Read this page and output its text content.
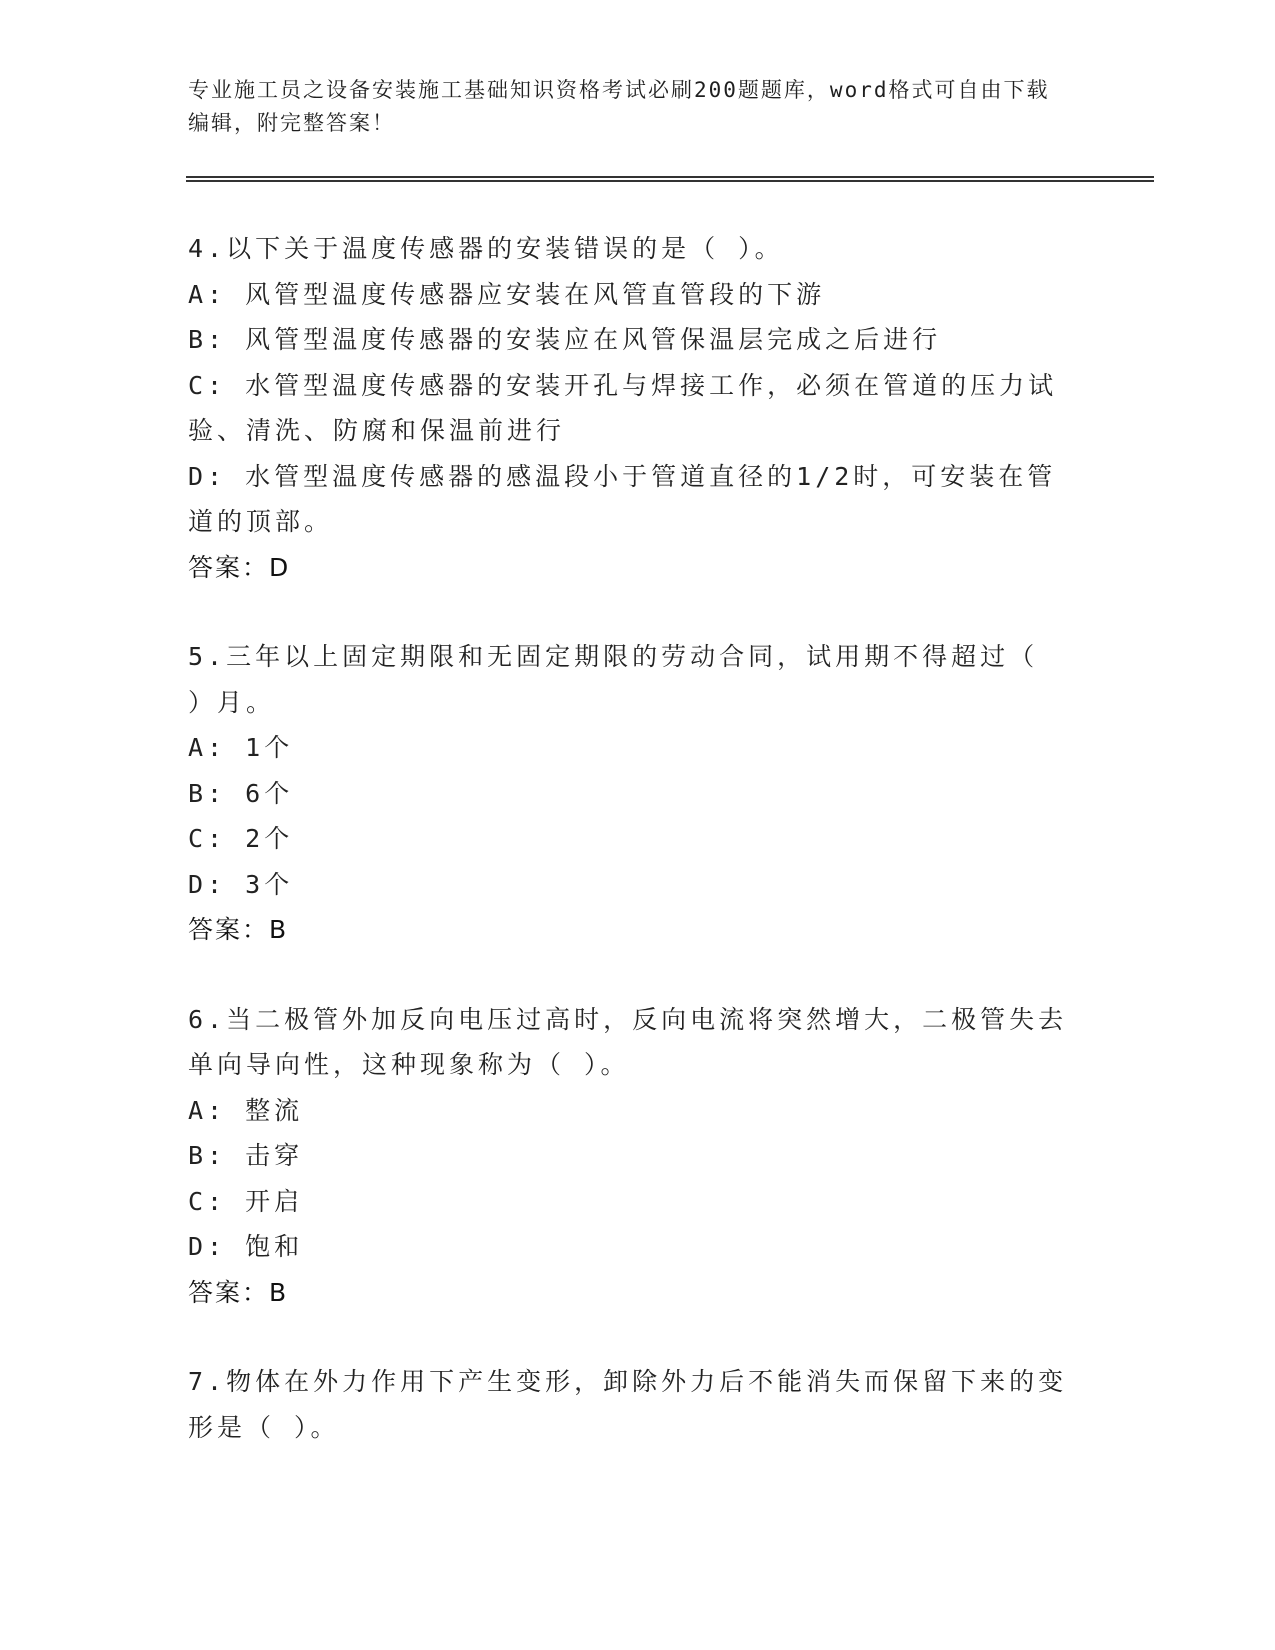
专业施工员之设备安装施工基础知识资格考试必刷200题题库，word格式可自由下载编辑，附完整答案！
4.以下关于温度传感器的安装错误的是（ ）。
A: 风管型温度传感器应安装在风管直管段的下游
B: 风管型温度传感器的安装应在风管保温层完成之后进行
C: 水管型温度传感器的安装开孔与焊接工作，必须在管道的压力试验、清洗、防腐和保温前进行
D: 水管型温度传感器的感温段小于管道直径的1/2时，可安装在管道的顶部。
答案：D
5.三年以上固定期限和无固定期限的劳动合同，试用期不得超过（ ）月。
A: 1个
B: 6个
C: 2个
D: 3个
答案：B
6.当二极管外加反向电压过高时，反向电流将突然增大，二极管失去单向导向性，这种现象称为（ ）。
A: 整流
B: 击穿
C: 开启
D: 饱和
答案：B
7.物体在外力作用下产生变形，卸除外力后不能消失而保留下来的变形是（ ）。
